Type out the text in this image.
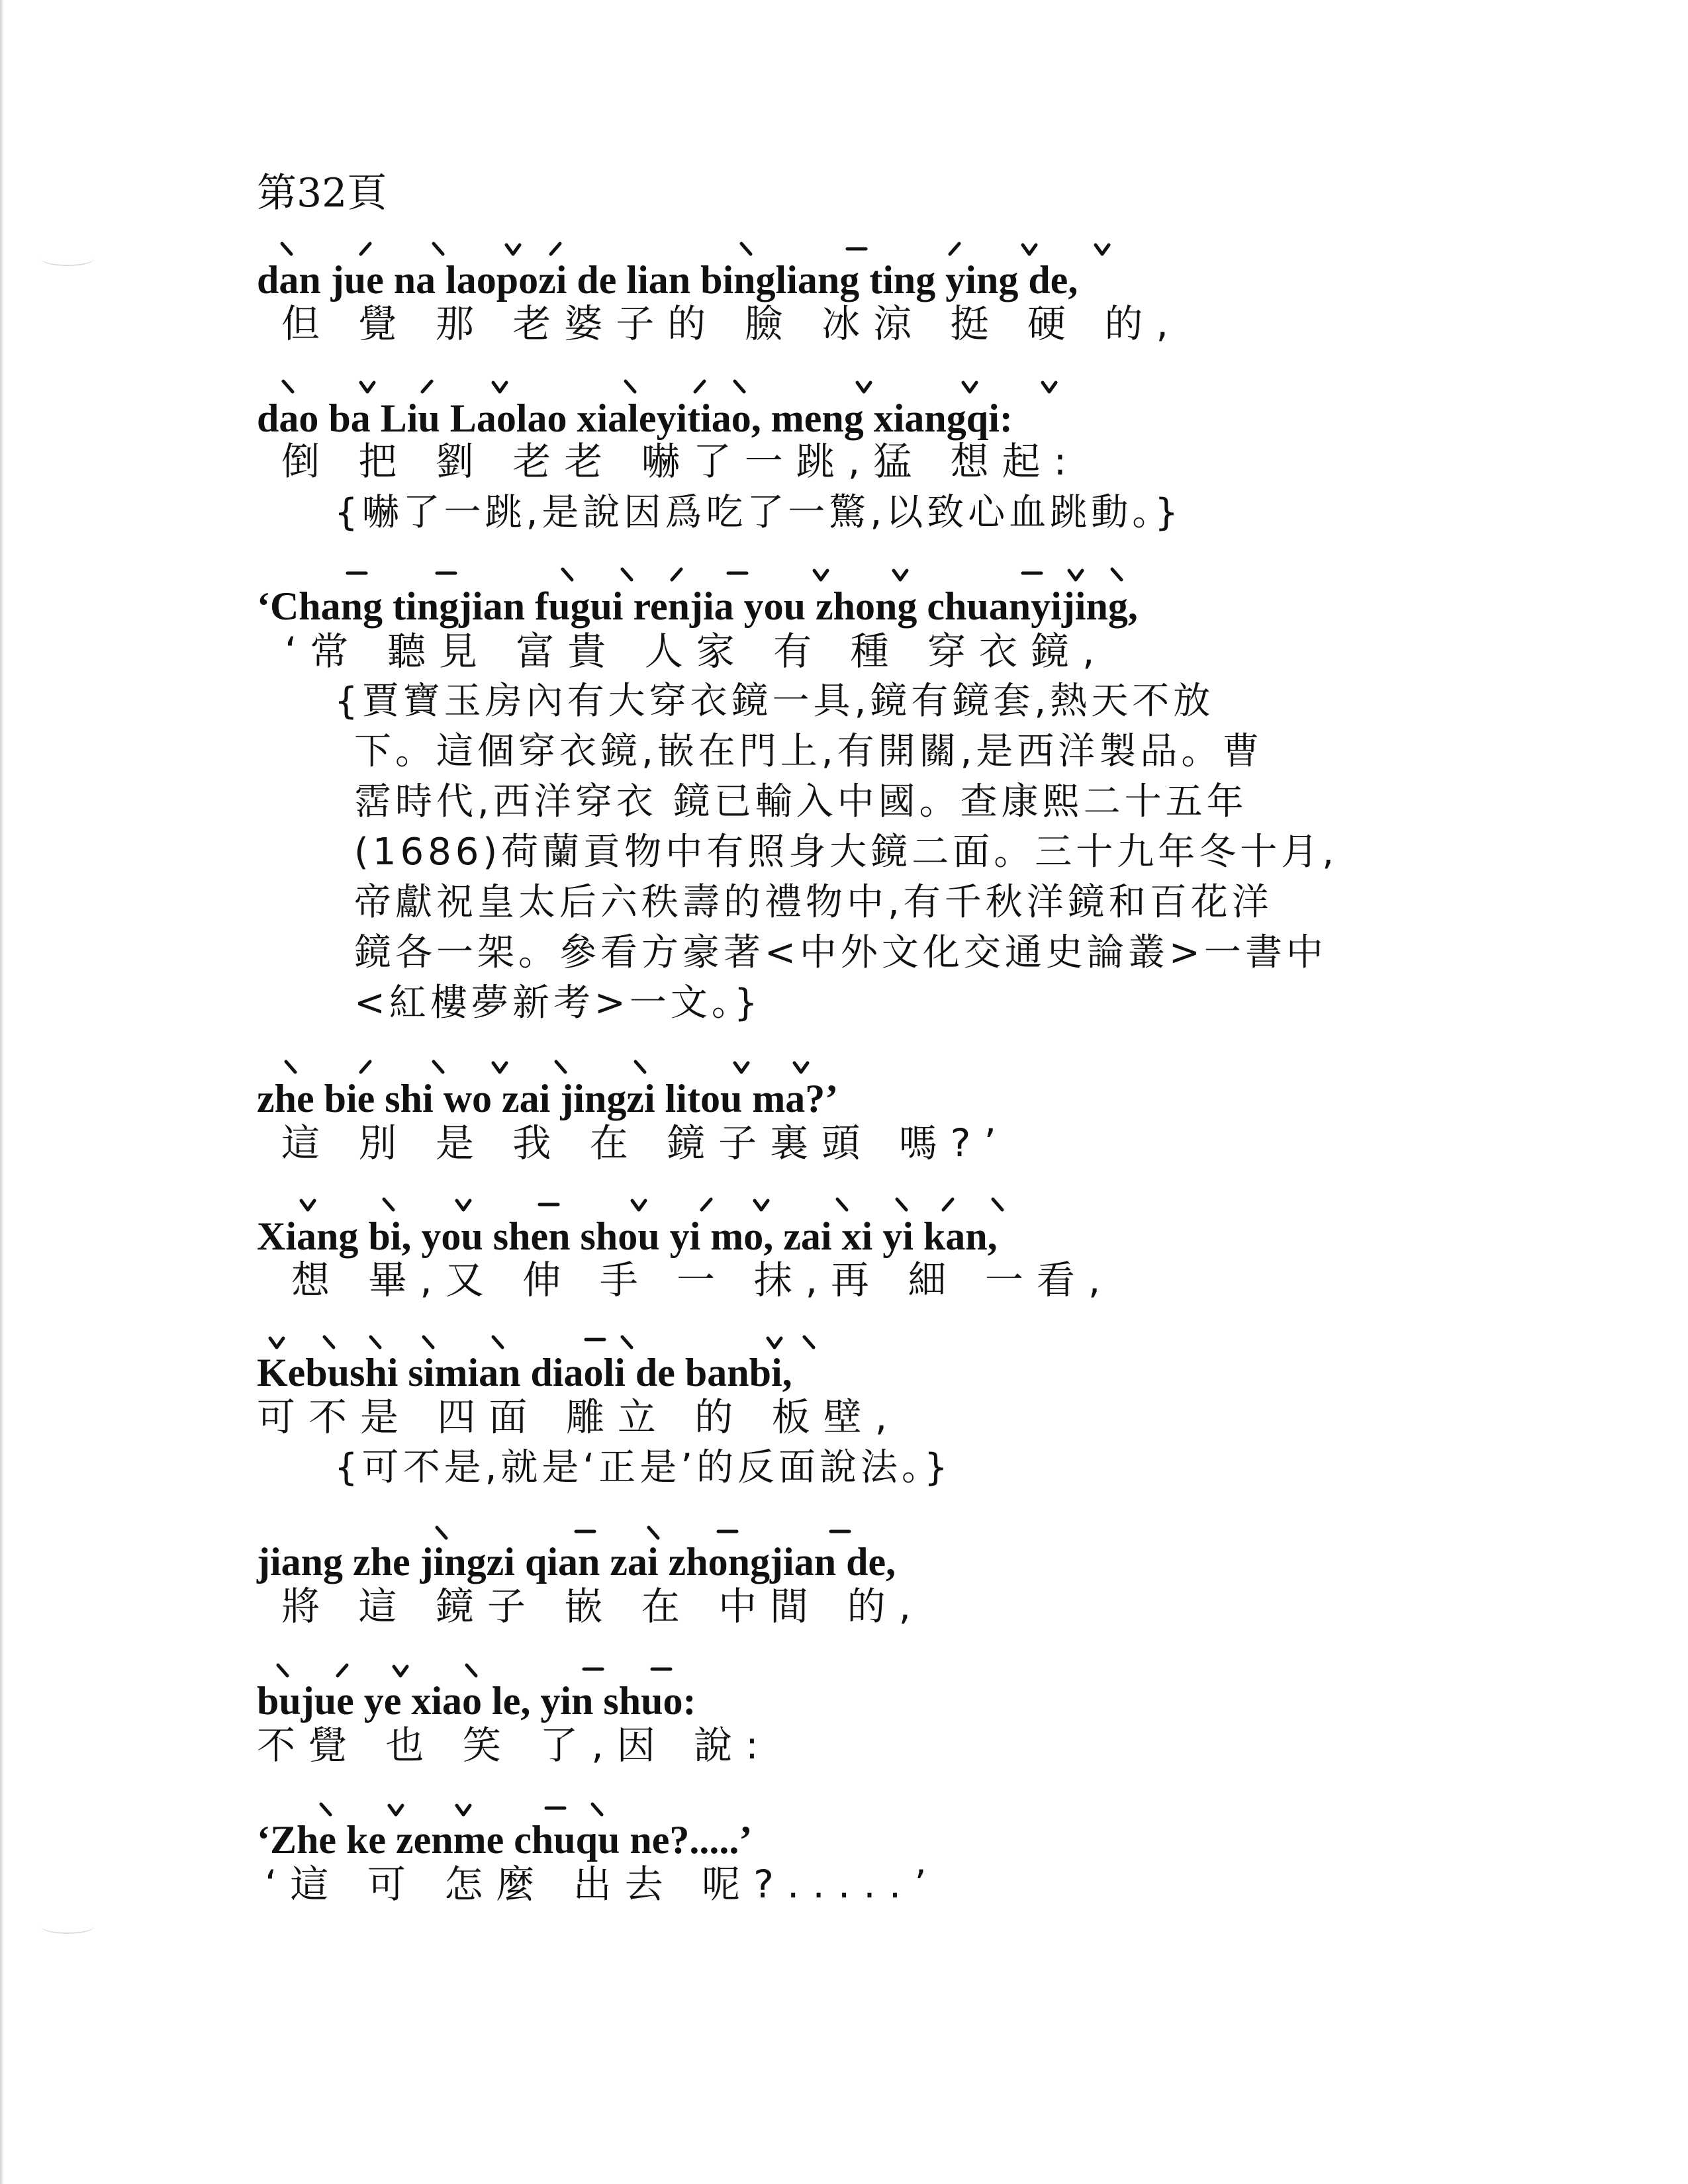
第32頁
dan jue na laopozi de lian bingliang ting ying de,
但 覺 那 老婆子的 臉 冰涼 挺 硬 的,
dao ba Liu Laolao xialeyitiao, meng xiangqi:
倒 把 劉 老老 嚇了一跳,猛 想起:
{嚇了一跳,是說因爲吃了一驚,以致心血跳動。}
‘Chang tingjian fugui renjia you zhong chuanyijing,
‘常 聽見 富貴 人家 有 種 穿衣鏡,
{賈寶玉房內有大穿衣鏡一具,鏡有鏡套,熱天不放
下。這個穿衣鏡,嵌在門上,有開關,是西洋製品。曹
霑時代,西洋穿衣 鏡已輸入中國。查康熙二十五年
(1686)荷蘭貢物中有照身大鏡二面。三十九年冬十月,
帝獻祝皇太后六秩壽的禮物中,有千秋洋鏡和百花洋
鏡各一架。參看方豪著<中外文化交通史論叢>一書中
<紅樓夢新考>一文。}
zhe bie shi wo zai jingzi litou ma?’
這 別 是 我 在 鏡子裏頭 嗎?’
Xiang bi, you shen shou yi mo, zai xi yi kan,
想 畢,又 伸 手 一 抹,再 細 一看,
Kebushi simian diaoli de banbi,
可不是 四面 雕立 的 板壁,
{可不是,就是‘正是’的反面說法。}
jiang zhe jingzi qian zai zhongjian de,
將 這 鏡子 嵌 在 中間 的,
bujue ye xiao le, yin shuo:
不覺 也 笑 了,因 說:
‘Zhe ke zenme chuqu ne?.....’
‘這 可 怎麼 出去 呢?.....’
